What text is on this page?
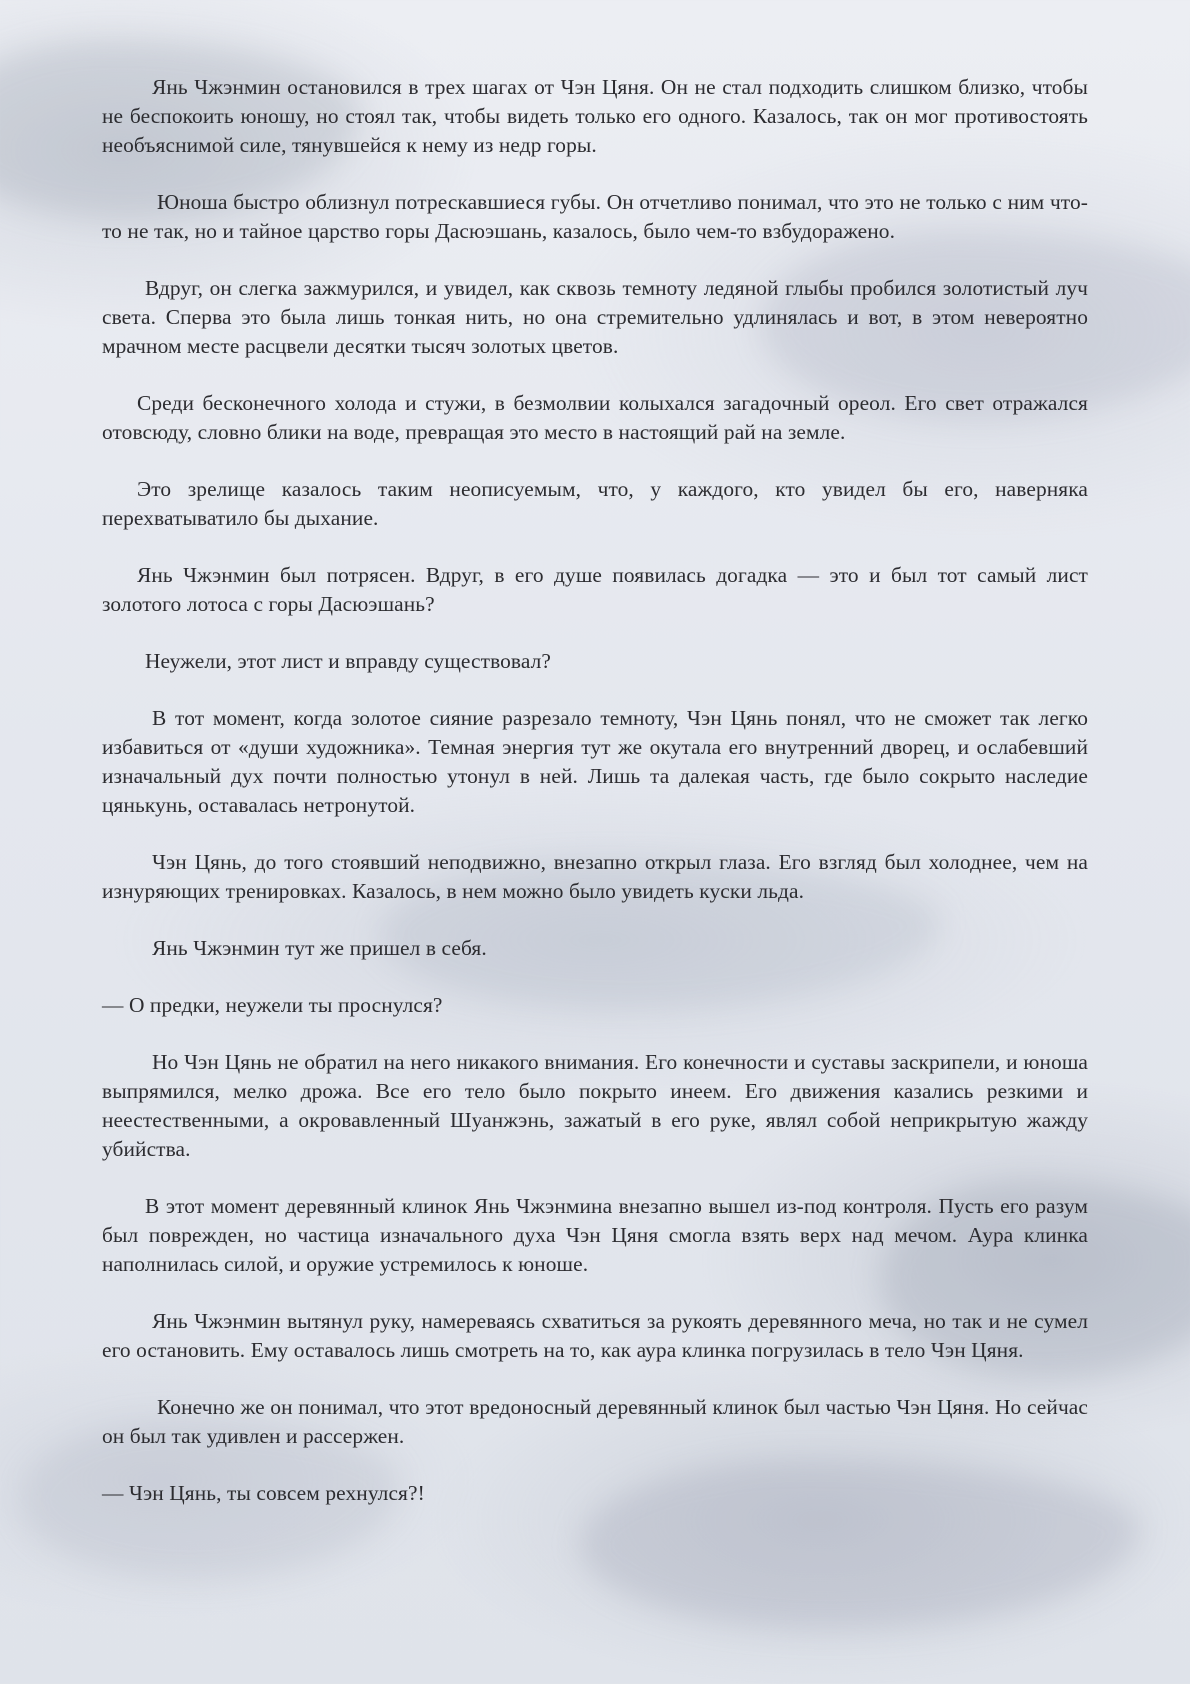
Янь Чжэнмин остановился в трех шагах от Чэн Цяня. Он не стал подходить слишком близко, чтобы не беспокоить юношу, но стоял так, чтобы видеть только его одного. Казалось, так он мог противостоять необъяснимой силе, тянувшейся к нему из недр горы.

Юноша быстро облизнул потрескавшиеся губы. Он отчетливо понимал, что это не только с ним что-то не так, но и тайное царство горы Дасюэшань, казалось, было чем-то взбудоражено.

Вдруг, он слегка зажмурился, и увидел, как сквозь темноту ледяной глыбы пробился золотистый луч света. Сперва это была лишь тонкая нить, но она стремительно удлинялась и вот, в этом невероятно мрачном месте расцвели десятки тысяч золотых цветов.

Среди бесконечного холода и стужи, в безмолвии колыхался загадочный ореол. Его свет отражался отовсюду, словно блики на воде, превращая это место в настоящий рай на земле.

Это зрелище казалось таким неописуемым, что, у каждого, кто увидел бы его, наверняка перехватыватило бы дыхание.

Янь Чжэнмин был потрясен. Вдруг, в его душе появилась догадка — это и был тот самый лист золотого лотоса с горы Дасюэшань?

Неужели, этот лист и вправду существовал?

В тот момент, когда золотое сияние разрезало темноту, Чэн Цянь понял, что не сможет так легко избавиться от «души художника». Темная энергия тут же окутала его внутренний дворец, и ослабевший изначальный дух почти полностью утонул в ней. Лишь та далекая часть, где было сокрыто наследие цянькунь, оставалась нетронутой.

Чэн Цянь, до того стоявший неподвижно, внезапно открыл глаза. Его взгляд был холоднее, чем на изнуряющих тренировках. Казалось, в нем можно было увидеть куски льда.

Янь Чжэнмин тут же пришел в себя.

— О предки, неужели ты проснулся?

Но Чэн Цянь не обратил на него никакого внимания. Его конечности и суставы заскрипели, и юноша выпрямился, мелко дрожа. Все его тело было покрыто инеем. Его движения казались резкими и неестественными, а окровавленный Шуанжэнь, зажатый в его руке, являл собой неприкрытую жажду убийства.

В этот момент деревянный клинок Янь Чжэнмина внезапно вышел из-под контроля. Пусть его разум был поврежден, но частица изначального духа Чэн Цяня смогла взять верх над мечом. Аура клинка наполнилась силой, и оружие устремилось к юноше.

Янь Чжэнмин вытянул руку, намереваясь схватиться за рукоять деревянного меча, но так и не сумел его остановить. Ему оставалось лишь смотреть на то, как аура клинка погрузилась в тело Чэн Цяня.

Конечно же он понимал, что этот вредоносный деревянный клинок был частью Чэн Цяня. Но сейчас он был так удивлен и рассержен.

— Чэн Цянь, ты совсем рехнулся?!
